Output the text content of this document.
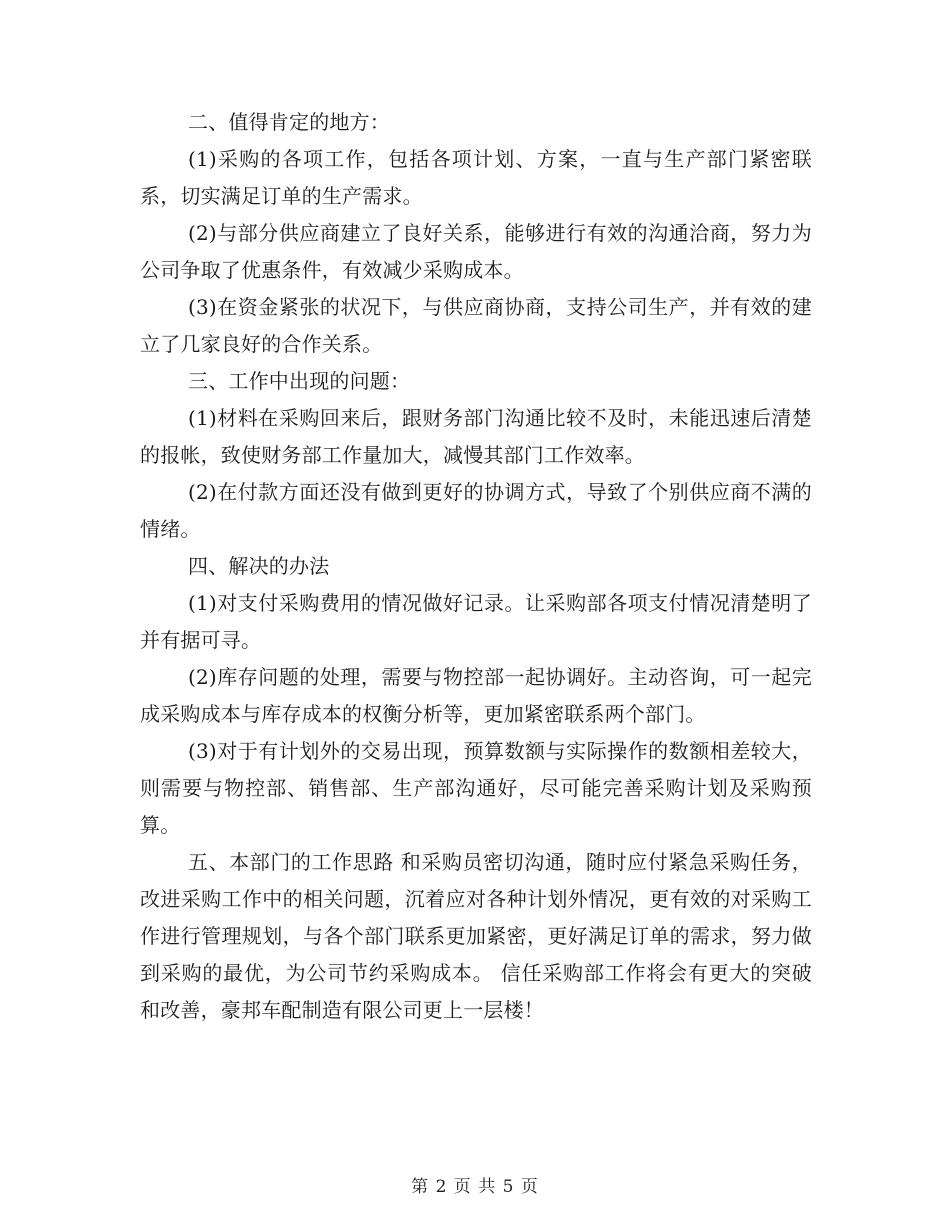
二、值得肯定的地方：

(1)采购的各项工作，包括各项计划、方案，一直与生产部门紧密联系，切实满足订单的生产需求。

(2)与部分供应商建立了良好关系，能够进行有效的沟通洽商，努力为公司争取了优惠条件，有效减少采购成本。

(3)在资金紧张的状况下，与供应商协商，支持公司生产，并有效的建立了几家良好的合作关系。

三、工作中出现的问题：

(1)材料在采购回来后，跟财务部门沟通比较不及时，未能迅速后清楚的报帐，致使财务部工作量加大，减慢其部门工作效率。

(2)在付款方面还没有做到更好的协调方式，导致了个别供应商不满的情绪。

四、解决的办法

(1)对支付采购费用的情况做好记录。让采购部各项支付情况清楚明了并有据可寻。

(2)库存问题的处理，需要与物控部一起协调好。主动咨询，可一起完成采购成本与库存成本的权衡分析等，更加紧密联系两个部门。

(3)对于有计划外的交易出现，预算数额与实际操作的数额相差较大，则需要与物控部、销售部、生产部沟通好，尽可能完善采购计划及采购预算。

五、本部门的工作思路 和采购员密切沟通，随时应付紧急采购任务，改进采购工作中的相关问题，沉着应对各种计划外情况，更有效的对采购工作进行管理规划，与各个部门联系更加紧密，更好满足订单的需求，努力做到采购的最优，为公司节约采购成本。 信任采购部工作将会有更大的突破和改善，豪邦车配制造有限公司更上一层楼！

第 2 页 共 5 页
